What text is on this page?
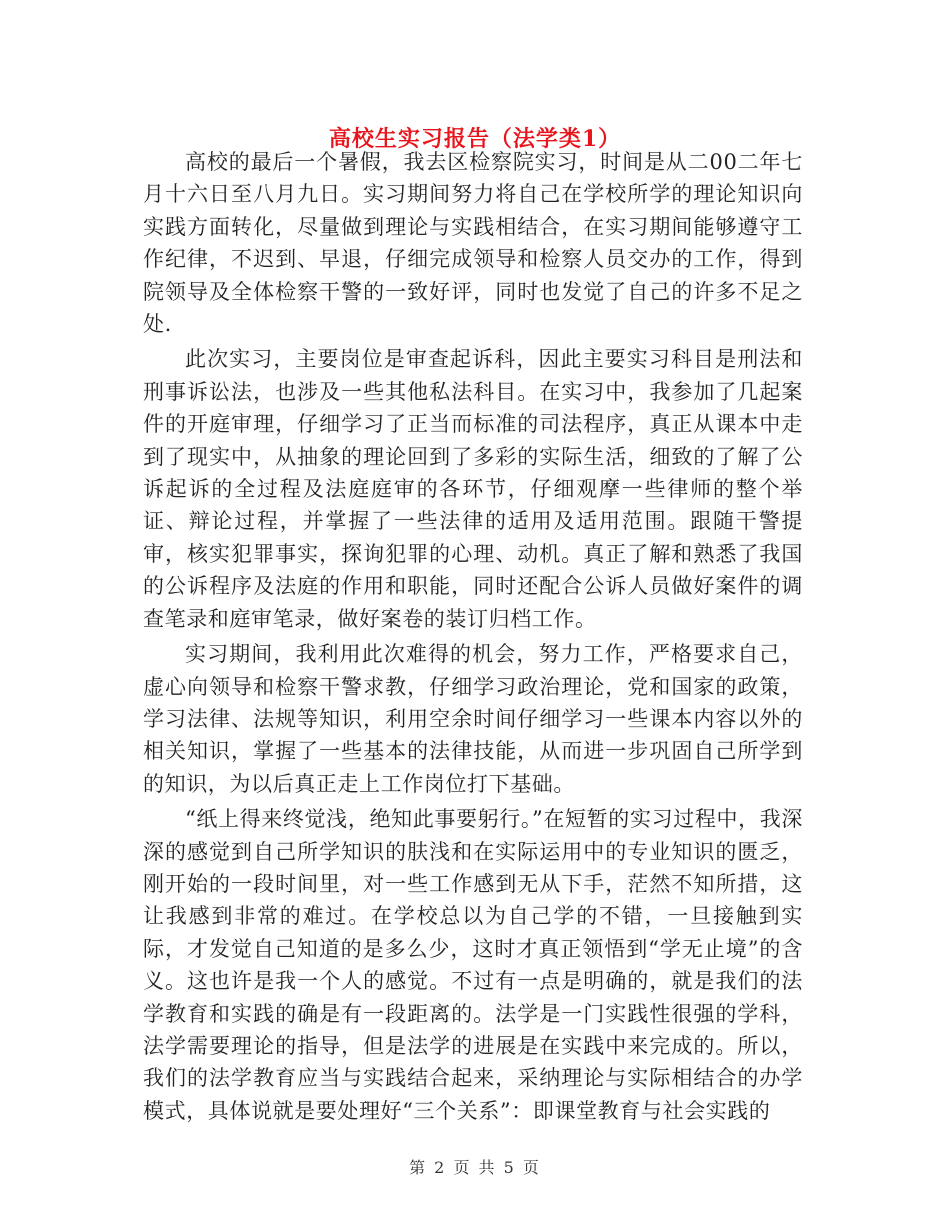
高校生实习报告（法学类1）

高校的最后一个暑假，我去区检察院实习，时间是从二00二年七月十六日至八月九日。实习期间努力将自己在学校所学的理论知识向实践方面转化，尽量做到理论与实践相结合，在实习期间能够遵守工作纪律，不迟到、早退，仔细完成领导和检察人员交办的工作，得到院领导及全体检察干警的一致好评，同时也发觉了自己的许多不足之处.

此次实习，主要岗位是审查起诉科，因此主要实习科目是刑法和刑事诉讼法，也涉及一些其他私法科目。在实习中，我参加了几起案件的开庭审理，仔细学习了正当而标准的司法程序，真正从课本中走到了现实中，从抽象的理论回到了多彩的实际生活，细致的了解了公诉起诉的全过程及法庭庭审的各环节，仔细观摩一些律师的整个举证、辩论过程，并掌握了一些法律的适用及适用范围。跟随干警提审，核实犯罪事实，探询犯罪的心理、动机。真正了解和熟悉了我国的公诉程序及法庭的作用和职能，同时还配合公诉人员做好案件的调查笔录和庭审笔录，做好案卷的装订归档工作。

实习期间，我利用此次难得的机会，努力工作，严格要求自己，虚心向领导和检察干警求教，仔细学习政治理论，党和国家的政策，学习法律、法规等知识，利用空余时间仔细学习一些课本内容以外的相关知识，掌握了一些基本的法律技能，从而进一步巩固自己所学到的知识，为以后真正走上工作岗位打下基础。

“纸上得来终觉浅，绝知此事要躬行。”在短暂的实习过程中，我深深的感觉到自己所学知识的肤浅和在实际运用中的专业知识的匮乏，刚开始的一段时间里，对一些工作感到无从下手，茫然不知所措，这让我感到非常的难过。在学校总以为自己学的不错，一旦接触到实际，才发觉自己知道的是多么少，这时才真正领悟到“学无止境”的含义。这也许是我一个人的感觉。不过有一点是明确的，就是我们的法学教育和实践的确是有一段距离的。法学是一门实践性很强的学科，法学需要理论的指导，但是法学的进展是在实践中来完成的。所以，我们的法学教育应当与实践结合起来，采纳理论与实际相结合的办学模式，具体说就是要处理好“三个关系”：即课堂教育与社会实践的

第 2 页 共 5 页
